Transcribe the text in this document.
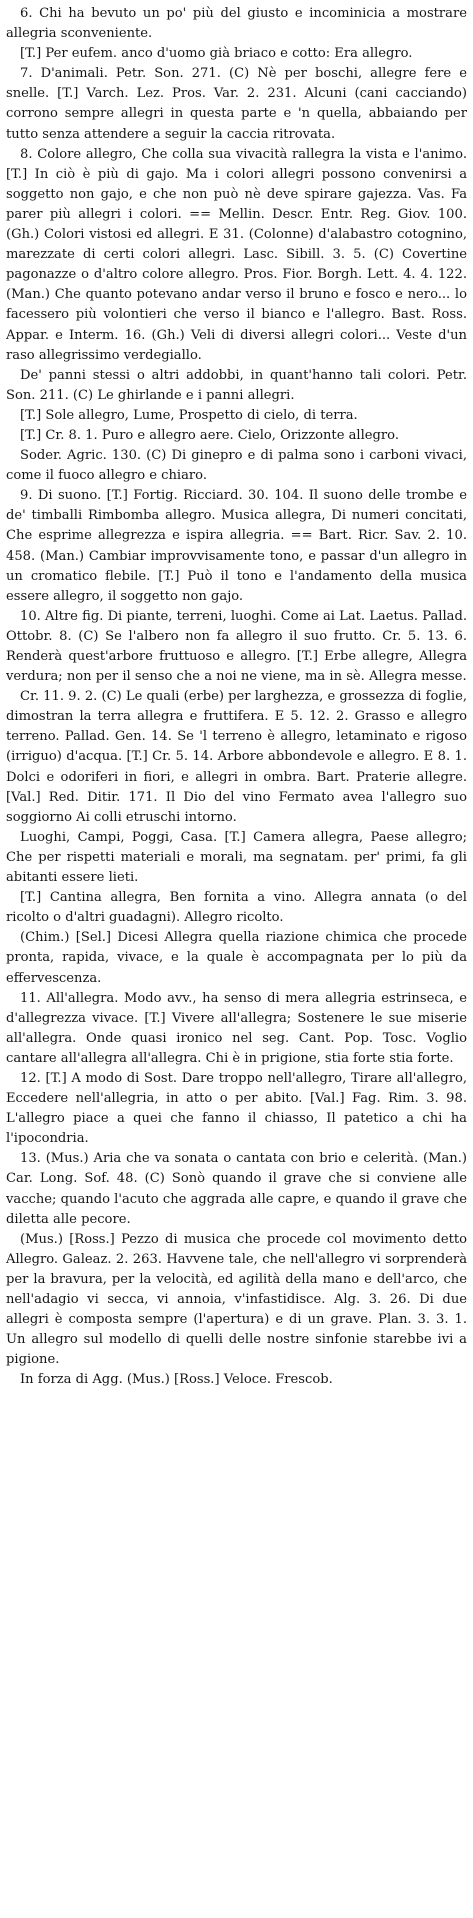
6. Chi ha bevuto un po' più del giusto e incominicia a mostrare allegria sconveniente.

[T.] Per eufem. anco d'uomo già briaco e cotto: Era allegro.

7. D'animali. Petr. Son. 271. (C) Nè per boschi, allegre fere e snelle. [T.] Varch. Lez. Pros. Var. 2. 231. Alcuni (cani cacciando) corrono sempre allegri in questa parte e 'n quella, abbaiando per tutto senza attendere a seguir la caccia ritrovata.

8. Colore allegro, Che colla sua vivacità rallegra la vista e l'animo. [T.] In ciò è più di gajo. Ma i colori allegri possono convenirsi a soggetto non gajo, e che non può nè deve spirare gajezza. Vas. Fa parer più allegri i colori. == Mellin. Descr. Entr. Reg. Giov. 100. (Gh.) Colori vistosi ed allegri. E 31. (Colonne) d'alabastro cotognino, marezzate di certi colori allegri. Lasc. Sibill. 3. 5. (C) Covertine pagonazze o d'altro colore allegro. Pros. Fior. Borgh. Lett. 4. 4. 122. (Man.) Che quanto potevano andar verso il bruno e fosco e nero... lo facessero più volontieri che verso il bianco e l'allegro. Bast. Ross. Appar. e Interm. 16. (Gh.) Veli di diversi allegri colori... Veste d'un raso allegrissimo verdegiallo.

De' panni stessi o altri addobbi, in quant'hanno tali colori. Petr. Son. 211. (C) Le ghirlande e i panni allegri.

[T.] Sole allegro, Lume, Prospetto di cielo, di terra.

[T.] Cr. 8. 1. Puro e allegro aere. Cielo, Orizzonte allegro.

Soder. Agric. 130. (C) Di ginepro e di palma sono i carboni vivaci, come il fuoco allegro e chiaro.

9. Di suono. [T.] Fortig. Ricciard. 30. 104. Il suono delle trombe e de' timballi Rimbomba allegro. Musica allegra, Di numeri concitati, Che esprime allegrezza e ispira allegria. == Bart. Ricr. Sav. 2. 10. 458. (Man.) Cambiar improvvisamente tono, e passar d'un allegro in un cromatico flebile. [T.] Può il tono e l'andamento della musica essere allegro, il soggetto non gajo.

10. Altre fig. Di piante, terreni, luoghi. Come ai Lat. Laetus. Pallad. Ottobr. 8. (C) Se l'albero non fa allegro il suo frutto. Cr. 5. 13. 6. Renderà quest'arbore fruttuoso e allegro. [T.] Erbe allegre, Allegra verdura; non per il senso che a noi ne viene, ma in sè. Allegra messe.

Cr. 11. 9. 2. (C) Le quali (erbe) per larghezza, e grossezza di foglie, dimostran la terra allegra e fruttifera. E 5. 12. 2. Grasso e allegro terreno. Pallad. Gen. 14. Se 'l terreno è allegro, letaminato e rigoso (irriguo) d'acqua. [T.] Cr. 5. 14. Arbore abbondevole e allegro. E 8. 1. Dolci e odoriferi in fiori, e allegri in ombra. Bart. Praterie allegre. [Val.] Red. Ditir. 171. Il Dio del vino Fermato avea l'allegro suo soggiorno Ai colli etruschi intorno.

Luoghi, Campi, Poggi, Casa. [T.] Camera allegra, Paese allegro; Che per rispetti materiali e morali, ma segnatam. per' primi, fa gli abitanti essere lieti.

[T.] Cantina allegra, Ben fornita a vino. Allegra annata (o del ricolto o d'altri guadagni). Allegro ricolto.

(Chim.) [Sel.] Dicesi Allegra quella riazione chimica che procede pronta, rapida, vivace, e la quale è accompagnata per lo più da effervescenza.

11. All'allegra. Modo avv., ha senso di mera allegria estrinseca, e d'allegrezza vivace. [T.] Vivere all'allegra; Sostenere le sue miserie all'allegra. Onde quasi ironico nel seg. Cant. Pop. Tosc. Voglio cantare all'allegra all'allegra. Chi è in prigione, stia forte stia forte.

12. [T.] A modo di Sost. Dare troppo nell'allegro, Tirare all'allegro, Eccedere nell'allegria, in atto o per abito. [Val.] Fag. Rim. 3. 98. L'allegro piace a quei che fanno il chiasso, Il patetico a chi ha l'ipocondria.

13. (Mus.) Aria che va sonata o cantata con brio e celerità. (Man.) Car. Long. Sof. 48. (C) Sonò quando il grave che si conviene alle vacche; quando l'acuto che aggrada alle capre, e quando il grave che diletta alle pecore.

(Mus.) [Ross.] Pezzo di musica che procede col movimento detto Allegro. Galeaz. 2. 263. Havvene tale, che nell'allegro vi sorprenderà per la bravura, per la velocità, ed agilità della mano e dell'arco, che nell'adagio vi secca, vi annoia, v'infastidisce. Alg. 3. 26. Di due allegri è composta sempre (l'apertura) e di un grave. Plan. 3. 3. 1. Un allegro sul modello di quelli delle nostre sinfonie starebbe ivi a pigione.

In forza di Agg. (Mus.) [Ross.] Veloce. Frescob.
